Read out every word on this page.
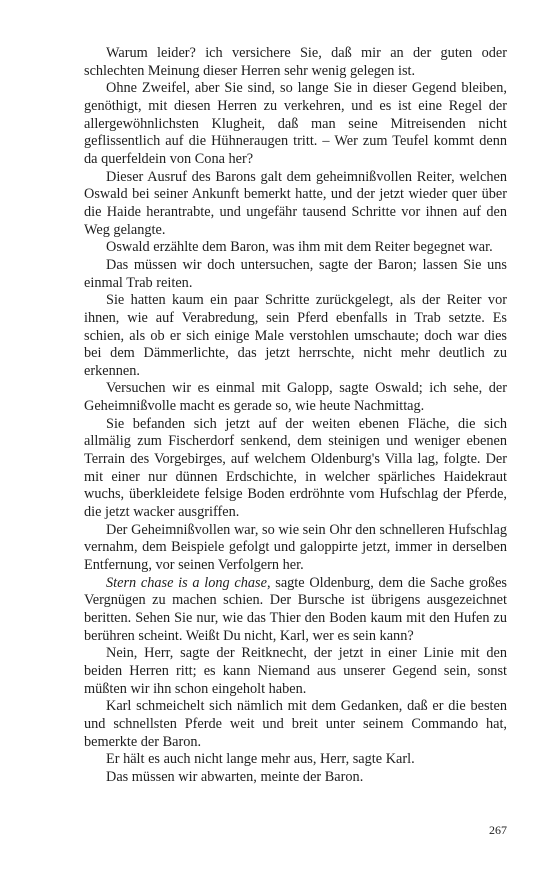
Warum leider? ich versichere Sie, daß mir an der guten oder schlechten Meinung dieser Herren sehr wenig gelegen ist.

Ohne Zweifel, aber Sie sind, so lange Sie in dieser Gegend bleiben, genöthigt, mit diesen Herren zu verkehren, und es ist eine Regel der allergewöhnlichsten Klugheit, daß man seine Mitreisenden nicht geflissentlich auf die Hühneraugen tritt. – Wer zum Teufel kommt denn da querfeldein von Cona her?

Dieser Ausruf des Barons galt dem geheimnißvollen Reiter, welchen Oswald bei seiner Ankunft bemerkt hatte, und der jetzt wieder quer über die Haide herantrabte, und ungefähr tausend Schritte vor ihnen auf den Weg gelangte.

Oswald erzählte dem Baron, was ihm mit dem Reiter begegnet war.

Das müssen wir doch untersuchen, sagte der Baron; lassen Sie uns einmal Trab reiten.

Sie hatten kaum ein paar Schritte zurückgelegt, als der Reiter vor ihnen, wie auf Verabredung, sein Pferd ebenfalls in Trab setzte. Es schien, als ob er sich einige Male verstohlen umschaute; doch war dies bei dem Dämmerlichte, das jetzt herrschte, nicht mehr deutlich zu erkennen.

Versuchen wir es einmal mit Galopp, sagte Oswald; ich sehe, der Geheimnißvolle macht es gerade so, wie heute Nachmittag.

Sie befanden sich jetzt auf der weiten ebenen Fläche, die sich allmälig zum Fischerdorf senkend, dem steinigen und weniger ebenen Terrain des Vorgebirges, auf welchem Oldenburg's Villa lag, folgte. Der mit einer nur dünnen Erdschichte, in welcher spärliches Haidekraut wuchs, überkleidete felsige Boden erdröhnte vom Hufschlag der Pferde, die jetzt wacker ausgriffen.

Der Geheimnißvollen war, so wie sein Ohr den schnelleren Hufschlag vernahm, dem Beispiele gefolgt und galoppirte jetzt, immer in derselben Entfernung, vor seinen Verfolgern her.

Stern chase is a long chase, sagte Oldenburg, dem die Sache großes Vergnügen zu machen schien. Der Bursche ist übrigens ausgezeichnet beritten. Sehen Sie nur, wie das Thier den Boden kaum mit den Hufen zu berühren scheint. Weißt Du nicht, Karl, wer es sein kann?

Nein, Herr, sagte der Reitknecht, der jetzt in einer Linie mit den beiden Herren ritt; es kann Niemand aus unserer Gegend sein, sonst müßten wir ihn schon eingeholt haben.

Karl schmeichelt sich nämlich mit dem Gedanken, daß er die besten und schnellsten Pferde weit und breit unter seinem Commando hat, bemerkte der Baron.

Er hält es auch nicht lange mehr aus, Herr, sagte Karl.

Das müssen wir abwarten, meinte der Baron.

267
